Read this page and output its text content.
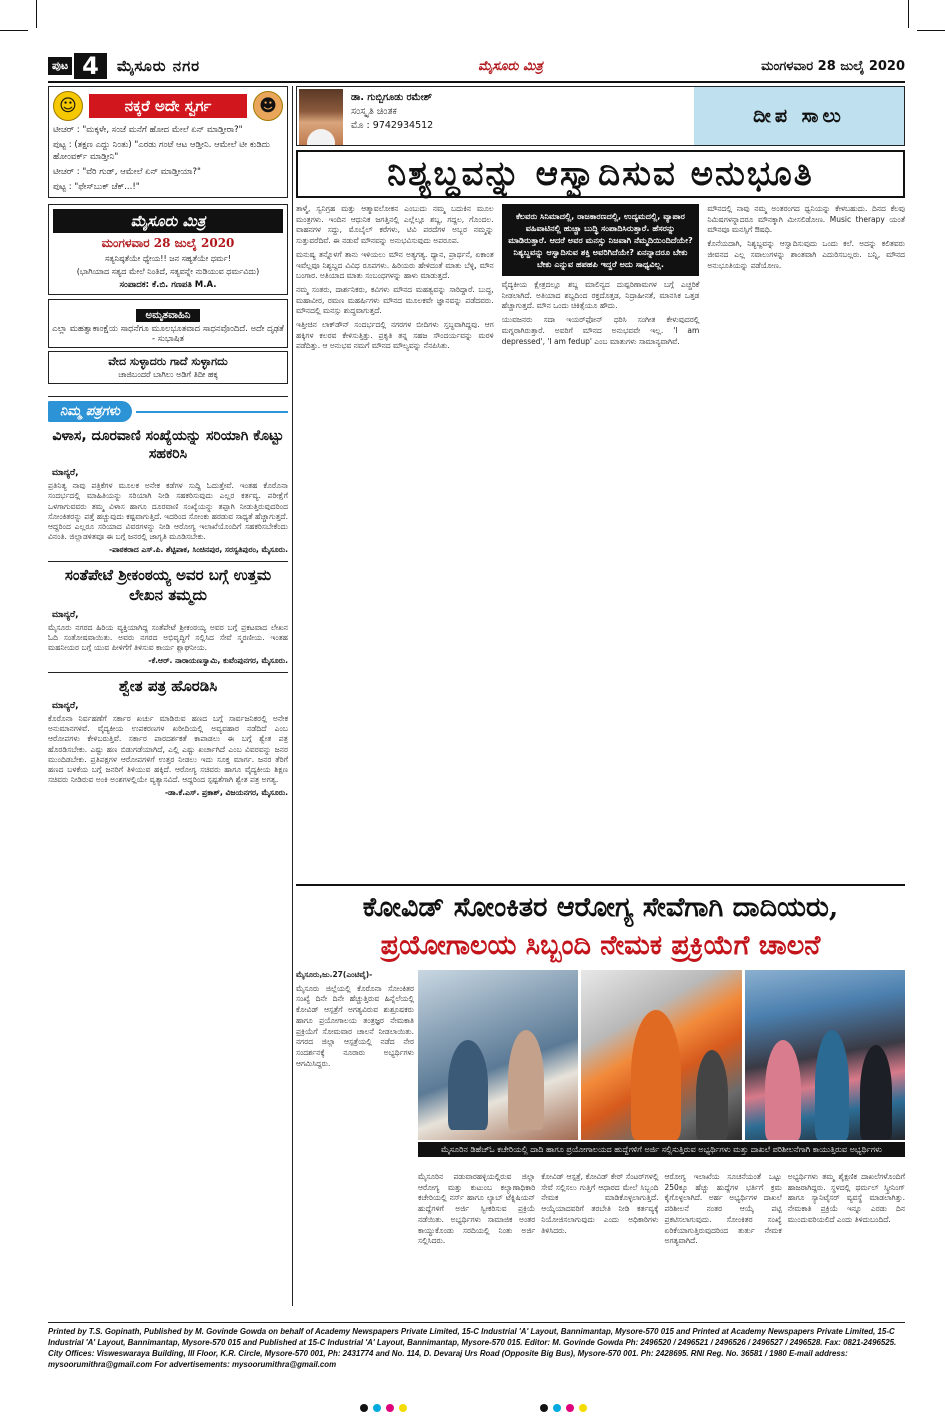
ಪುಟ 4	ಮೈಸೂರು ನಗರ	ಮೈಸೂರು ಮಿತ್ರ	ಮಂಗಳವಾರ 28 ಜುಲೈ 2020
☺	ನಕ್ಕರೆ ಅದೇ ಸ್ವರ್ಗ	☻
ಟೀಚರ್ : "ಮಕ್ಕಳೇ, ಸಂಜೆ ಮನೆಗೆ ಹೋದ ಮೇಲೆ ಏನ್ ಮಾಡ್ತೀರಾ?"
ಪುಟ್ಟ : (ತಕ್ಷಣ ಎದ್ದು ನಿಂತು) "ಎರಡು ಗಂಟೆ ಆಟ ಆಡ್ತೀನಿ. ಆಮೇಲೆ ಟೀ ಕುಡಿದು ಹೋಂವರ್ಕ್ ಮಾಡ್ತೀನಿ"
ಟೀಚರ್ : "ವೆರಿ ಗುಡ್, ಆಮೇಲೆ ಏನ್ ಮಾಡ್ತೀಯಾ?"
ಪುಟ್ಟ : "ಫೇಸ್‌ಬುಕ್ ಚೆಕ್...!"
ಮೈಸೂರು ಮಿತ್ರ
ಮಂಗಳವಾರ 28 ಜುಲೈ 2020
ಸತ್ಯನಿಷ್ಠತೆಯೇ ಧ್ಯೇಯ!! ಜನ ಸಹ್ಯತೆಯೇ ಧರ್ಮ!
(ಭಾಗಿಯಾದ ಸತ್ಯದ ಮೇಲೆ ನಿಂತಿದೆ, ಸತ್ಯವನ್ನೇ ನುಡಿಯುವ ಧರ್ಮವಿದು)
ಸಂಪಾದಕ: ಕೆ.ಬಿ. ಗಣಪತಿ M.A.
ಅಮೃತವಾಹಿನಿ
ಎಲ್ಲಾ ಮಹತ್ವಾಕಾಂಕ್ಷೆಯ ಸಾಧನೆಗೂ ಮೂಲಭೂತವಾದ ಸಾಧನವೊಂದಿದೆ. ಅದೇ ದೃಢತೆ - ಸುಭಾಷಿತ
ವೇದ ಸುಳ್ಳಾದರು ಗಾದೆ ಸುಳ್ಳಾಗದು
ಚಾಜಿಬಂದರೆ ಬಾಗಿಲು ಅಡಿಗೆ ತಿದೀ ಹಕ್ಕ
ನಿಮ್ಮ ಪತ್ರಗಳು
ವಿಳಾಸ, ದೂರವಾಣಿ ಸಂಖ್ಯೆಯನ್ನು ಸರಿಯಾಗಿ ಕೊಟ್ಟು ಸಹಕರಿಸಿ
ಮಾನ್ಯರೆ,
ಪ್ರತಿನಿತ್ಯ ನಾವು ಪತ್ರಿಕೆಗಳ ಮೂಲಕ ಅನೇಕ ಕಡೆಗಳ ಸುದ್ದಿ ಓದುತ್ತೇವೆ. ಇಂತಹ ಕೊರೊನಾ ಸಂದರ್ಭದಲ್ಲಿ ಮಾಹಿತಿಯನ್ನು ಸರಿಯಾಗಿ ನೀಡಿ ಸಹಕರಿಸುವುದು ಎಲ್ಲರ ಕರ್ತವ್ಯ. ಪರೀಕ್ಷೆಗೆ ಒಳಗಾಗುವವರು ತಮ್ಮ ವಿಳಾಸ ಹಾಗೂ ದೂರವಾಣಿ ಸಂಖ್ಯೆಯನ್ನು ತಪ್ಪಾಗಿ ನೀಡುತ್ತಿರುವುದರಿಂದ ಸೋಂಕಿತರನ್ನು ಪತ್ತೆ ಹಚ್ಚುವುದು ಕಷ್ಟವಾಗುತ್ತಿದೆ. ಇದರಿಂದ ಸೋಂಕು ಹರಡುವ ಸಾಧ್ಯತೆ ಹೆಚ್ಚಾಗುತ್ತದೆ. ಆದ್ದರಿಂದ ಎಲ್ಲರೂ ಸರಿಯಾದ ವಿವರಗಳನ್ನು ನೀಡಿ ಆರೋಗ್ಯ ಇಲಾಖೆಯೊಂದಿಗೆ ಸಹಕರಿಸಬೇಕೆಂದು ವಿನಂತಿ. ಜಿಲ್ಲಾಡಳಿತವೂ ಈ ಬಗ್ಗೆ ಜನರಲ್ಲಿ ಜಾಗೃತಿ ಮೂಡಿಸಬೇಕು.
-ಪಾಠಕರಾದ ಎಸ್.ಪಿ. ಶೆಟ್ಟಿಪಾಕ, ಸಿಂಚಿನಪುರ, ಸರಸ್ವತಿಪುರಂ, ಮೈಸೂರು.
ಸಂತೆಪೇಟೆ ಶ್ರೀಕಂಠಯ್ಯ ಅವರ ಬಗ್ಗೆ ಉತ್ತಮ ಲೇಖನ ತಮ್ಮದು
ಮಾನ್ಯರೆ,
ಮೈಸೂರು ನಗರದ ಹಿರಿಯ ವ್ಯಕ್ತಿಯಾಗಿದ್ದ ಸಂತೆಪೇಟೆ ಶ್ರೀಕಂಠಯ್ಯ ಅವರ ಬಗ್ಗೆ ಪ್ರಕಟವಾದ ಲೇಖನ ಓದಿ ಸಂತೋಷವಾಯಿತು. ಅವರು ನಗರದ ಅಭಿವೃದ್ಧಿಗೆ ಸಲ್ಲಿಸಿದ ಸೇವೆ ಸ್ಮರಣೀಯ. ಇಂತಹ ಮಹನೀಯರ ಬಗ್ಗೆ ಯುವ ಪೀಳಿಗೆಗೆ ತಿಳಿಸುವ ಕಾರ್ಯ ಶ್ಲಾಘನೀಯ.
-ಕೆ.ಆರ್. ನಾರಾಯಣಸ್ವಾಮಿ, ಕುವೆಂಪುನಗರ, ಮೈಸೂರು.
ಶ್ವೇತ ಪತ್ರ ಹೊರಡಿಸಿ
ಮಾನ್ಯರೆ,
ಕೊರೊನಾ ನಿರ್ವಹಣೆಗೆ ಸರ್ಕಾರ ಖರ್ಚು ಮಾಡಿರುವ ಹಣದ ಬಗ್ಗೆ ಸಾರ್ವಜನಿಕರಲ್ಲಿ ಅನೇಕ ಅನುಮಾನಗಳಿವೆ. ವೈದ್ಯಕೀಯ ಉಪಕರಣಗಳ ಖರೀದಿಯಲ್ಲಿ ಅವ್ಯವಹಾರ ನಡೆದಿದೆ ಎಂಬ ಆರೋಪಗಳು ಕೇಳಿಬರುತ್ತಿವೆ. ಸರ್ಕಾರ ಪಾರದರ್ಶಕತೆ ಕಾಪಾಡಲು ಈ ಬಗ್ಗೆ ಶ್ವೇತ ಪತ್ರ ಹೊರಡಿಸಬೇಕು. ಎಷ್ಟು ಹಣ ಬಿಡುಗಡೆಯಾಗಿದೆ, ಎಲ್ಲಿ ಎಷ್ಟು ಖರ್ಚಾಗಿದೆ ಎಂಬ ವಿವರವನ್ನು ಜನರ ಮುಂದಿಡಬೇಕು. ಪ್ರತಿಪಕ್ಷಗಳ ಆರೋಪಗಳಿಗೆ ಉತ್ತರ ನೀಡಲು ಇದು ಸೂಕ್ತ ಮಾರ್ಗ. ಜನರ ತೆರಿಗೆ ಹಣದ ಬಳಕೆಯ ಬಗ್ಗೆ ಜನರಿಗೆ ತಿಳಿಯುವ ಹಕ್ಕಿದೆ. ಆರೋಗ್ಯ ಸಚಿವರು ಹಾಗೂ ವೈದ್ಯಕೀಯ ಶಿಕ್ಷಣ ಸಚಿವರು ನೀಡಿರುವ ಅಂಕಿ ಅಂಶಗಳಲ್ಲಿಯೇ ವ್ಯತ್ಯಾಸವಿದೆ. ಆದ್ದರಿಂದ ಸ್ಪಷ್ಟತೆಗಾಗಿ ಶ್ವೇತ ಪತ್ರ ಅಗತ್ಯ.
-ಡಾ.ಕೆ.ಎಸ್. ಪ್ರಕಾಶ್, ವಿಜಯನಗರ, ಮೈಸೂರು.
ಡಾ. ಗುಬ್ಬಿಗೂಡು ರಮೇಶ್
ಸಂಸ್ಕೃತಿ ಚಿಂತಕ
ಮೊ : 9742934512	ದೀಪ ಸಾಲು
ನಿಶ್ಯಬ್ದವನ್ನು ಆಸ್ವಾದಿಸುವ ಅನುಭೂತಿ
ತಾಳ್ಮೆ, ಸ್ವನಿಗ್ರಹ ಮತ್ತು ಆತ್ಮಾವಲೋಕನ ಎಂಬುದು ನಮ್ಮ ಬದುಕಿನ ಮೂಲ ಮಂತ್ರಗಳು. ಇಂದಿನ ಆಧುನಿಕ ಜಗತ್ತಿನಲ್ಲಿ ಎಲ್ಲೆಲ್ಲೂ ಶಬ್ದ, ಗದ್ದಲ, ಗೊಂದಲ. ವಾಹನಗಳ ಸದ್ದು, ಮೊಬೈಲ್ ಕರೆಗಳು, ಟಿವಿ ಪರದೆಗಳ ಅಬ್ಬರ ನಮ್ಮನ್ನು ಸುತ್ತುವರೆದಿವೆ. ಈ ನಡುವೆ ಮೌನವನ್ನು ಅನುಭವಿಸುವುದು ಅಪರೂಪ.
ಮನುಷ್ಯ ತನ್ನೊಳಗೆ ತಾನು ಇಳಿಯಲು ಮೌನ ಅತ್ಯಗತ್ಯ. ಧ್ಯಾನ, ಪ್ರಾರ್ಥನೆ, ಏಕಾಂತ ಇವೆಲ್ಲವೂ ನಿಶ್ಯಬ್ದದ ವಿವಿಧ ರೂಪಗಳು. ಹಿರಿಯರು ಹೇಳಿದಂತೆ ಮಾತು ಬೆಳ್ಳಿ, ಮೌನ ಬಂಗಾರ. ಅತಿಯಾದ ಮಾತು ಸಂಬಂಧಗಳನ್ನು ಹಾಳು ಮಾಡುತ್ತದೆ.
ನಮ್ಮ ಸಂತರು, ದಾರ್ಶನಿಕರು, ಕವಿಗಳು ಮೌನದ ಮಹತ್ವವನ್ನು ಸಾರಿದ್ದಾರೆ. ಬುದ್ಧ, ಮಹಾವೀರ, ರಮಣ ಮಹರ್ಷಿಗಳು ಮೌನದ ಮೂಲಕವೇ ಜ್ಞಾನವನ್ನು ಪಡೆದವರು. ಮೌನದಲ್ಲಿ ಮನಸ್ಸು ಶುದ್ಧವಾಗುತ್ತದೆ.
ಇತ್ತೀಚಿನ ಲಾಕ್‌ಡೌನ್ ಸಂದರ್ಭದಲ್ಲಿ ನಗರಗಳ ಬೀದಿಗಳು ಸ್ತಬ್ಧವಾಗಿದ್ದವು. ಆಗ ಹಕ್ಕಿಗಳ ಕಲರವ ಕೇಳಿಸುತ್ತಿತ್ತು. ಪ್ರಕೃತಿ ತನ್ನ ಸಹಜ ಸೌಂದರ್ಯವನ್ನು ಮರಳಿ ಪಡೆದಿತ್ತು. ಆ ಅನುಭವ ನಮಗೆ ಮೌನದ ಮೌಲ್ಯವನ್ನು ನೆನಪಿಸಿತು.
ಕೆಲವರು ಸಿನಿಮಾದಲ್ಲಿ, ರಾಜಕಾರಣದಲ್ಲಿ, ಉದ್ಯಮದಲ್ಲಿ, ವ್ಯಾಪಾರ ವಹಿವಾಟಿನಲ್ಲಿ ಹುಚ್ಚಾ ಬುದ್ಧಿ ಸಂಪಾದಿಸಿರುತ್ತಾರೆ. ಹೆಸರನ್ನು ಮಾಡಿರುತ್ತಾರೆ. ಆದರೆ ಅವರ ಮನಸ್ಸು ನಿಜವಾಗಿ ನೆಮ್ಮದಿಯಿಂದಿದೆಯೇ? ನಿಶ್ಯಬ್ದವನ್ನು ಆಸ್ವಾದಿಸುವ ಶಕ್ತಿ ಅವರಿಗಿದೆಯೇ? ಏನನ್ನಾದರೂ ಬೇಕು ಬೇಕು ಎನ್ನುವ ಹಪಹಪಿ ಇದ್ದರೆ ಅದು ಸಾಧ್ಯವಿಲ್ಲ.
ವೈದ್ಯಕೀಯ ಕ್ಷೇತ್ರದಲ್ಲೂ ಶಬ್ದ ಮಾಲಿನ್ಯದ ದುಷ್ಪರಿಣಾಮಗಳ ಬಗ್ಗೆ ಎಚ್ಚರಿಕೆ ನೀಡಲಾಗಿದೆ. ಅತಿಯಾದ ಶಬ್ದದಿಂದ ರಕ್ತದೊತ್ತಡ, ನಿದ್ರಾಹೀನತೆ, ಮಾನಸಿಕ ಒತ್ತಡ ಹೆಚ್ಚಾಗುತ್ತದೆ. ಮೌನ ಒಂದು ಚಿಕಿತ್ಸೆಯೂ ಹೌದು.
ಯುವಜನರು ಸದಾ ಇಯರ್‌ಫೋನ್ ಧರಿಸಿ ಸಂಗೀತ ಕೇಳುವುದರಲ್ಲಿ ಮಗ್ನರಾಗಿರುತ್ತಾರೆ. ಅವರಿಗೆ ಮೌನದ ಅನುಭವವೇ ಇಲ್ಲ. 'I am depressed', 'I am fedup' ಎಂಬ ಮಾತುಗಳು ಸಾಮಾನ್ಯವಾಗಿವೆ.
ಮೌನದಲ್ಲಿ ನಾವು ನಮ್ಮ ಅಂತರಂಗದ ಧ್ವನಿಯನ್ನು ಕೇಳಬಹುದು. ದಿನದ ಕೆಲವು ನಿಮಿಷಗಳನ್ನಾದರೂ ಮೌನಕ್ಕಾಗಿ ಮೀಸಲಿಡೋಣ. Music therapy ಯಂತೆ ಮೌನವೂ ಮನಸ್ಸಿಗೆ ಔಷಧಿ.
ಕೊನೆಯದಾಗಿ, ನಿಶ್ಯಬ್ದವನ್ನು ಆಸ್ವಾದಿಸುವುದು ಒಂದು ಕಲೆ. ಅದನ್ನು ಕಲಿತವರು ಜೀವನದ ಎಲ್ಲ ಸವಾಲುಗಳನ್ನು ಶಾಂತವಾಗಿ ಎದುರಿಸಬಲ್ಲರು. ಬನ್ನಿ, ಮೌನದ ಅನುಭೂತಿಯನ್ನು ಪಡೆಯೋಣ.
ಕೋವಿಡ್ ಸೋಂಕಿತರ ಆರೋಗ್ಯ ಸೇವೆಗಾಗಿ ದಾದಿಯರು,
ಪ್ರಯೋಗಾಲಯ ಸಿಬ್ಬಂದಿ ನೇಮಕ ಪ್ರಕ್ರಿಯೆಗೆ ಚಾಲನೆ
ಮೈಸೂರು,ಜು.27(ಎಂಟಿವೈ)-
ಮೈಸೂರು ಜಿಲ್ಲೆಯಲ್ಲಿ ಕೊರೊನಾ ಸೋಂಕಿತರ ಸಂಖ್ಯೆ ದಿನೇ ದಿನೇ ಹೆಚ್ಚುತ್ತಿರುವ ಹಿನ್ನೆಲೆಯಲ್ಲಿ ಕೋವಿಡ್ ಆಸ್ಪತ್ರೆಗೆ ಅಗತ್ಯವಿರುವ ಶುಶ್ರೂಷಕರು ಹಾಗೂ ಪ್ರಯೋಗಾಲಯ ತಂತ್ರಜ್ಞರ ನೇಮಕಾತಿ ಪ್ರಕ್ರಿಯೆಗೆ ಸೋಮವಾರ ಚಾಲನೆ ನೀಡಲಾಯಿತು. ನಗರದ ಜಿಲ್ಲಾ ಆಸ್ಪತ್ರೆಯಲ್ಲಿ ನಡೆದ ನೇರ ಸಂದರ್ಶನಕ್ಕೆ ನೂರಾರು ಅಭ್ಯರ್ಥಿಗಳು ಆಗಮಿಸಿದ್ದರು.
ಮೈಸೂರಿನ ಡಿಹೆಚ್‌ಓ ಕಚೇರಿಯಲ್ಲಿ ದಾದಿ ಹಾಗೂ ಪ್ರಯೋಗಾಲಯದ ಹುದ್ದೆಗಳಿಗೆ ಅರ್ಜಿ ಸಲ್ಲಿಸುತ್ತಿರುವ ಅಭ್ಯರ್ಥಿಗಳು ಮತ್ತು ದಾಖಲೆ ಪರಿಶೀಲನೆಗಾಗಿ ಕಾಯುತ್ತಿರುವ ಅಭ್ಯರ್ಥಿಗಳು
ಮೈಸೂರಿನ ಪಡುವಾರಹಳ್ಳಿಯಲ್ಲಿರುವ ಜಿಲ್ಲಾ ಆರೋಗ್ಯ ಮತ್ತು ಕುಟುಂಬ ಕಲ್ಯಾಣಾಧಿಕಾರಿ ಕಚೇರಿಯಲ್ಲಿ ನರ್ಸ್ ಹಾಗೂ ಲ್ಯಾಬ್ ಟೆಕ್ನಿಷಿಯನ್ ಹುದ್ದೆಗಳಿಗೆ ಅರ್ಜಿ ಸ್ವೀಕರಿಸುವ ಪ್ರಕ್ರಿಯೆ ನಡೆಯಿತು. ಅಭ್ಯರ್ಥಿಗಳು ಸಾಮಾಜಿಕ ಅಂತರ ಕಾಯ್ದುಕೊಂಡು ಸರದಿಯಲ್ಲಿ ನಿಂತು ಅರ್ಜಿ ಸಲ್ಲಿಸಿದರು.
ಕೋವಿಡ್ ಆಸ್ಪತ್ರೆ, ಕೋವಿಡ್ ಕೇರ್ ಸೆಂಟರ್‌ಗಳಲ್ಲಿ ಸೇವೆ ಸಲ್ಲಿಸಲು ಗುತ್ತಿಗೆ ಆಧಾರದ ಮೇಲೆ ಸಿಬ್ಬಂದಿ ನೇಮಕ ಮಾಡಿಕೊಳ್ಳಲಾಗುತ್ತಿದೆ. ಆಯ್ಕೆಯಾದವರಿಗೆ ತರಬೇತಿ ನೀಡಿ ಕರ್ತವ್ಯಕ್ಕೆ ನಿಯೋಜಿಸಲಾಗುವುದು ಎಂದು ಅಧಿಕಾರಿಗಳು ತಿಳಿಸಿದರು.
ಆರೋಗ್ಯ ಇಲಾಖೆಯ ಸೂಚನೆಯಂತೆ ಒಟ್ಟು 250ಕ್ಕೂ ಹೆಚ್ಚು ಹುದ್ದೆಗಳ ಭರ್ತಿಗೆ ಕ್ರಮ ಕೈಗೊಳ್ಳಲಾಗಿದೆ. ಅರ್ಹ ಅಭ್ಯರ್ಥಿಗಳ ದಾಖಲೆ ಪರಿಶೀಲನೆ ನಂತರ ಆಯ್ಕೆ ಪಟ್ಟಿ ಪ್ರಕಟಿಸಲಾಗುವುದು. ಸೋಂಕಿತರ ಸಂಖ್ಯೆ ಏರಿಕೆಯಾಗುತ್ತಿರುವುದರಿಂದ ತುರ್ತು ನೇಮಕ ಅಗತ್ಯವಾಗಿದೆ.
ಅಭ್ಯರ್ಥಿಗಳು ತಮ್ಮ ಶೈಕ್ಷಣಿಕ ದಾಖಲೆಗಳೊಂದಿಗೆ ಹಾಜರಾಗಿದ್ದರು. ಸ್ಥಳದಲ್ಲಿ ಥರ್ಮಲ್ ಸ್ಕ್ರೀನಿಂಗ್ ಹಾಗೂ ಸ್ಯಾನಿಟೈಸರ್ ವ್ಯವಸ್ಥೆ ಮಾಡಲಾಗಿತ್ತು. ನೇಮಕಾತಿ ಪ್ರಕ್ರಿಯೆ ಇನ್ನೂ ಎರಡು ದಿನ ಮುಂದುವರಿಯಲಿದೆ ಎಂದು ತಿಳಿದುಬಂದಿದೆ.
Printed by T.S. Gopinath, Published by M. Govinde Gowda on behalf of Academy Newspapers Private Limited, 15-C Industrial 'A' Layout, Bannimantap, Mysore-570 015 and Printed at Academy Newspapers Private Limited, 15-C Industrial 'A' Layout, Bannimantap, Mysore-570 015 and Published at 15-C Industrial 'A' Layout, Bannimantap, Mysore-570 015. Editor: M. Govinde Gowda Ph: 2496520 / 2496521 / 2496526 / 2496527 / 2496528. Fax: 0821-2496525. City Offices: Visweswaraya Building, III Floor, K.R. Circle, Mysore-570 001, Ph: 2431774 and No. 114, D. Devaraj Urs Road (Opposite Big Bus), Mysore-570 001. Ph: 2428695. RNI Reg. No. 36581 / 1980 E-mail address: mysoorumithra@gmail.com For advertisements: mysoorumithra@gmail.com
